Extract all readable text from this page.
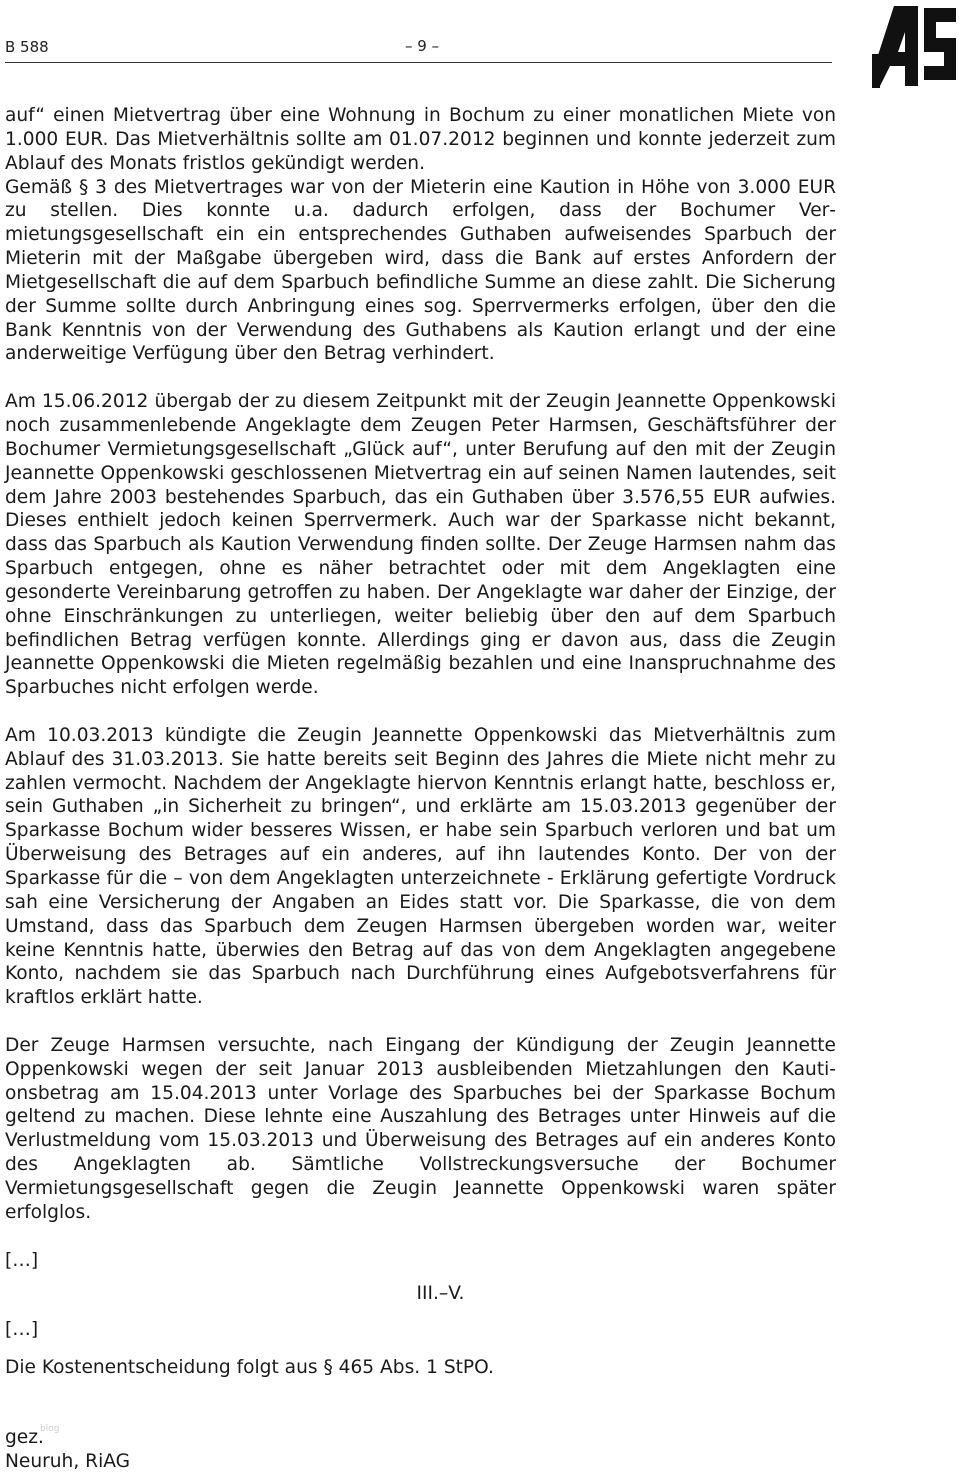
B 588	– 9 –

auf“ einen Mietvertrag über eine Wohnung in Bochum zu einer monatlichen Miete von 1.000 EUR. Das Mietverhältnis sollte am 01.07.2012 beginnen und konnte jederzeit zum Ablauf des Monats fristlos gekündigt werden.

Gemäß § 3 des Mietvertrages war von der Mieterin eine Kaution in Höhe von 3.000 EUR zu stellen. Dies konnte u.a. dadurch erfolgen, dass der Bochumer Vermietungsgesellschaft ein ein entsprechendes Guthaben aufweisendes Sparbuch der Mieterin mit der Maßgabe übergeben wird, dass die Bank auf erstes Anfordern der Mietgesellschaft die auf dem Sparbuch befindliche Summe an diese zahlt. Die Sicherung der Summe sollte durch Anbringung eines sog. Sperrvermerks erfolgen, über den die Bank Kenntnis von der Verwendung des Guthabens als Kaution erlangt und der eine anderweitige Verfügung über den Betrag verhindert.

Am 15.06.2012 übergab der zu diesem Zeitpunkt mit der Zeugin Jeannette Oppenkowski noch zusammenlebende Angeklagte dem Zeugen Peter Harmsen, Geschäftsführer der Bochumer Vermietungsgesellschaft „Glück auf“, unter Berufung auf den mit der Zeugin Jeannette Oppenkowski geschlossenen Mietvertrag ein auf seinen Namen lautendes, seit dem Jahre 2003 bestehendes Sparbuch, das ein Guthaben über 3.576,55 EUR aufwies. Dieses enthielt jedoch keinen Sperrvermerk. Auch war der Sparkasse nicht bekannt, dass das Sparbuch als Kaution Verwendung finden sollte. Der Zeuge Harmsen nahm das Sparbuch entgegen, ohne es näher betrachtet oder mit dem Angeklagten eine gesonderte Vereinbarung getroffen zu haben. Der Angeklagte war daher der Einzige, der ohne Einschränkungen zu unterliegen, weiter beliebig über den auf dem Sparbuch befindlichen Betrag verfügen konnte. Allerdings ging er davon aus, dass die Zeugin Jeannette Oppenkowski die Mieten regelmäßig bezahlen und eine Inanspruchnahme des Sparbuches nicht erfolgen werde.

Am 10.03.2013 kündigte die Zeugin Jeannette Oppenkowski das Mietverhältnis zum Ablauf des 31.03.2013. Sie hatte bereits seit Beginn des Jahres die Miete nicht mehr zu zahlen vermocht. Nachdem der Angeklagte hiervon Kenntnis erlangt hatte, beschloss er, sein Guthaben „in Sicherheit zu bringen“, und erklärte am 15.03.2013 gegenüber der Sparkasse Bochum wider besseres Wissen, er habe sein Sparbuch verloren und bat um Überweisung des Betrages auf ein anderes, auf ihn lautendes Konto. Der von der Sparkasse für die – von dem Angeklagten unterzeichnete - Erklärung gefertigte Vordruck sah eine Versicherung der Angaben an Eides statt vor. Die Sparkasse, die von dem Umstand, dass das Sparbuch dem Zeugen Harmsen übergeben worden war, weiter keine Kenntnis hatte, überwies den Betrag auf das von dem Angeklagten angegebene Konto, nachdem sie das Sparbuch nach Durchführung eines Aufgebotsverfahrens für kraftlos erklärt hatte.

Der Zeuge Harmsen versuchte, nach Eingang der Kündigung der Zeugin Jeannette Oppenkowski wegen der seit Januar 2013 ausbleibenden Mietzahlungen den Kautionsbetrag am 15.04.2013 unter Vorlage des Sparbuches bei der Sparkasse Bochum geltend zu machen. Diese lehnte eine Auszahlung des Betrages unter Hinweis auf die Verlustmeldung vom 15.03.2013 und Überweisung des Betrages auf ein anderes Konto des Angeklagten ab. Sämtliche Vollstreckungsversuche der Bochumer Vermietungsgesellschaft gegen die Zeugin Jeannette Oppenkowski waren später erfolglos.

[…]

III.–V.

[…]

Die Kostenentscheidung folgt aus § 465 Abs. 1 StPO.

gez.

Neuruh, RiAG

blog
